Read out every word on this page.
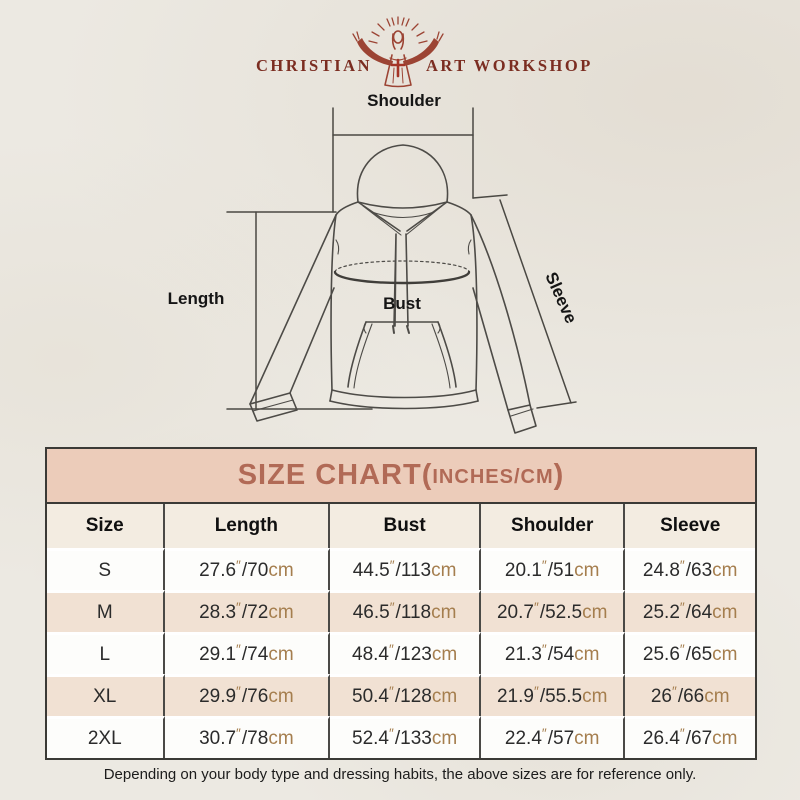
CHRISTIAN	ART WORKSHOP
Shoulder
Length	Sleeve
Bust
SIZE CHART( INCHES/CM )
Size	Length	Bust	Shoulder	Sleeve
S	27.6″/70cm	44.5″/113cm	20.1″/51cm	24.8″/63cm
M	28.3″/72cm	46.5″/118cm	20.7″/52.5cm	25.2″/64cm
L	29.1″/74cm	48.4″/123cm	21.3″/54cm	25.6″/65cm
XL	29.9″/76cm	50.4″/128cm	21.9″/55.5cm	26″/66cm
2XL	30.7″/78cm	52.4″/133cm	22.4″/57cm	26.4″/67cm
Depending on your body type and dressing habits, the above sizes are for reference only.
